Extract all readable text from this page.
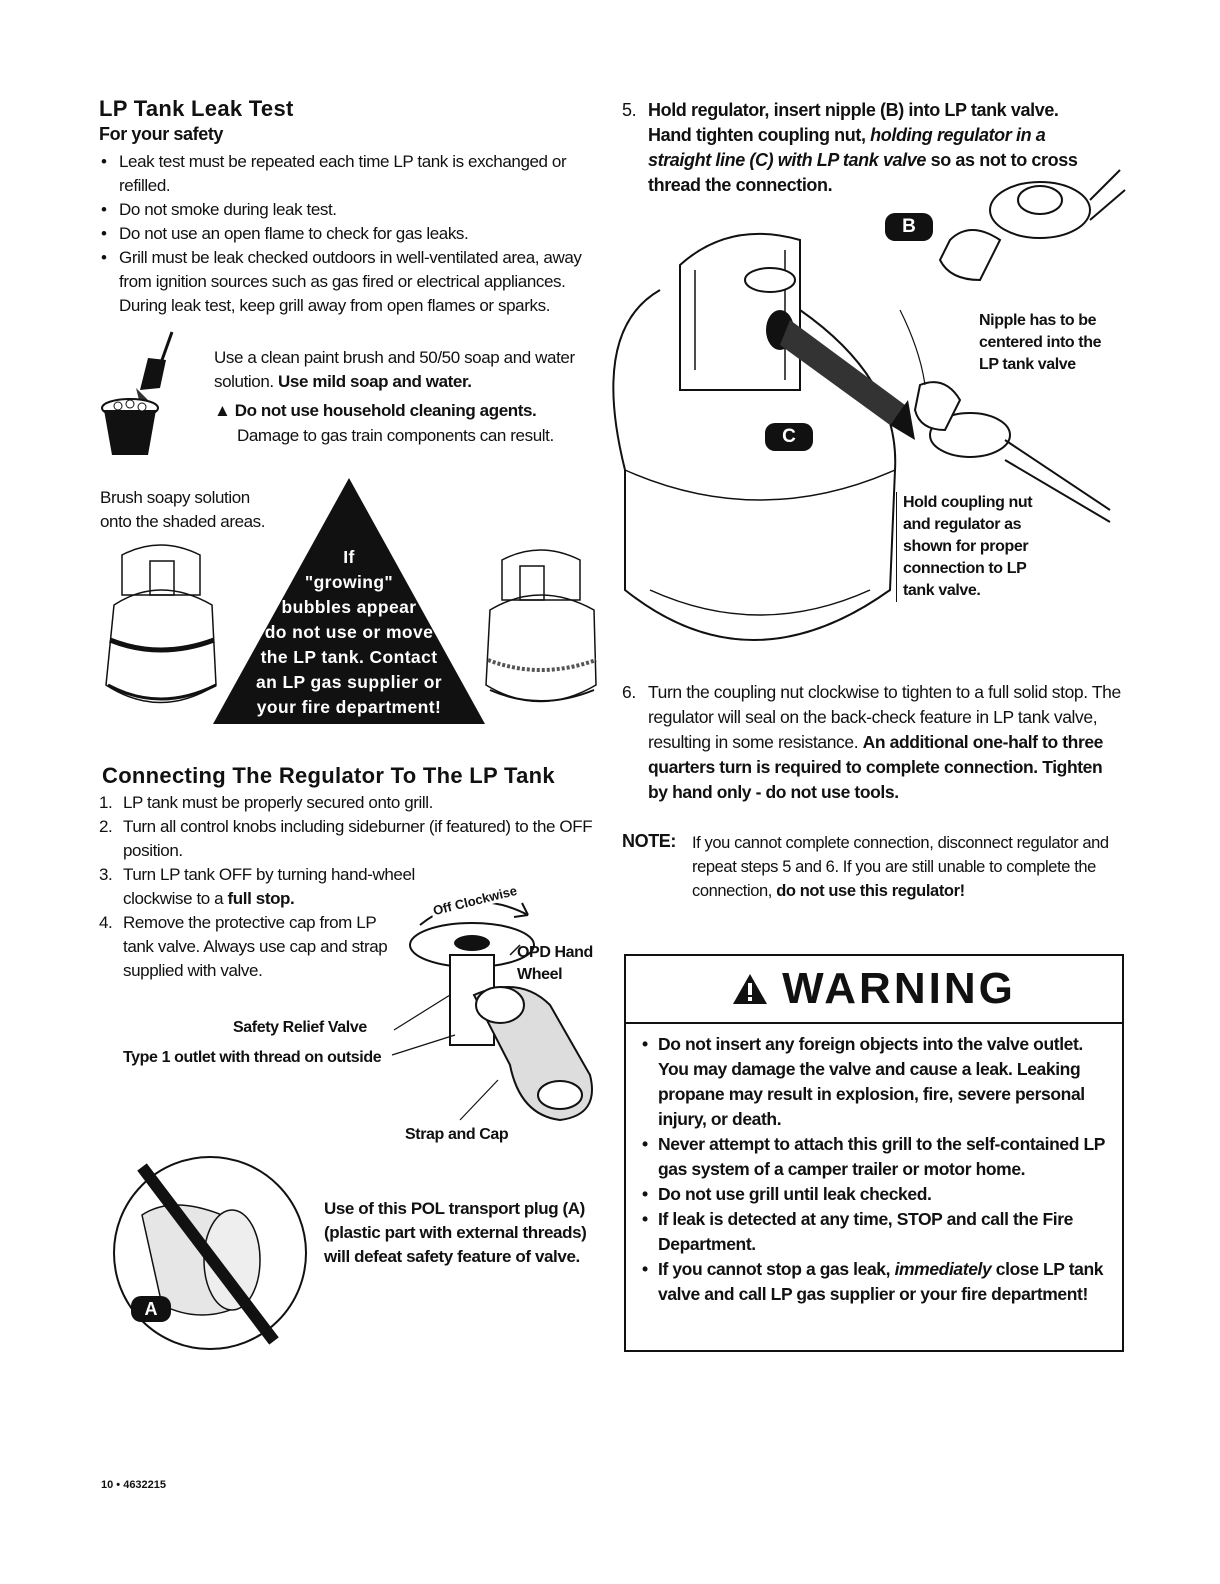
LP Tank Leak Test
For your safety
• Leak test must be repeated each time LP tank is exchanged or refilled.
• Do not smoke during leak test.
• Do not use an open flame to check for gas leaks.
• Grill must be leak checked outdoors in well-ventilated area, away from ignition sources such as gas fired or electrical appliances. During leak test, keep grill away from open flames or sparks.
Use a clean paint brush and 50/50 soap and water solution. Use mild soap and water.
▲ Do not use household cleaning agents.
Damage to gas train components can result.
Brush soapy solution onto the shaded areas.
If
"growing"
bubbles appear
do not use or move
the LP tank. Contact
an LP gas supplier or
your fire department!
Connecting The Regulator To The LP Tank
1. LP tank must be properly secured onto grill.
2. Turn all control knobs including sideburner (if featured) to the OFF position.
3. Turn LP tank OFF by turning hand-wheel clockwise to a full stop.
4. Remove the protective cap from LP tank valve. Always use cap and strap supplied with valve.
Off Clockwise
OPD Hand
Wheel
Safety Relief Valve
Type 1 outlet with thread on outside
Strap and Cap
A
Use of this POL transport plug (A) (plastic part with external threads) will defeat safety feature of valve.
5. Hold regulator, insert nipple (B) into LP tank valve. Hand tighten coupling nut, holding regulator in a straight line (C) with LP tank valve so as not to cross thread the connection.
B
C
Nipple has to be centered into the LP tank valve
Hold coupling nut and regulator as shown for proper connection to LP tank valve.
6. Turn the coupling nut clockwise to tighten to a full solid stop. The regulator will seal on the back-check feature in LP tank valve, resulting in some resistance. An additional one-half to three quarters turn is required to complete connection. Tighten by hand only - do not use tools.
NOTE: If you cannot complete connection, disconnect regulator and repeat steps 5 and 6. If you are still unable to complete the connection, do not use this regulator!
WARNING
• Do not insert any foreign objects into the valve outlet. You may damage the valve and cause a leak. Leaking propane may result in explosion, fire, severe personal injury, or death.
• Never attempt to attach this grill to the self-contained LP gas system of a camper trailer or motor home.
• Do not use grill until leak checked.
• If leak is detected at any time, STOP and call the Fire Department.
• If you cannot stop a gas leak, immediately close LP tank valve and call LP gas supplier or your fire department!
10 • 4632215
